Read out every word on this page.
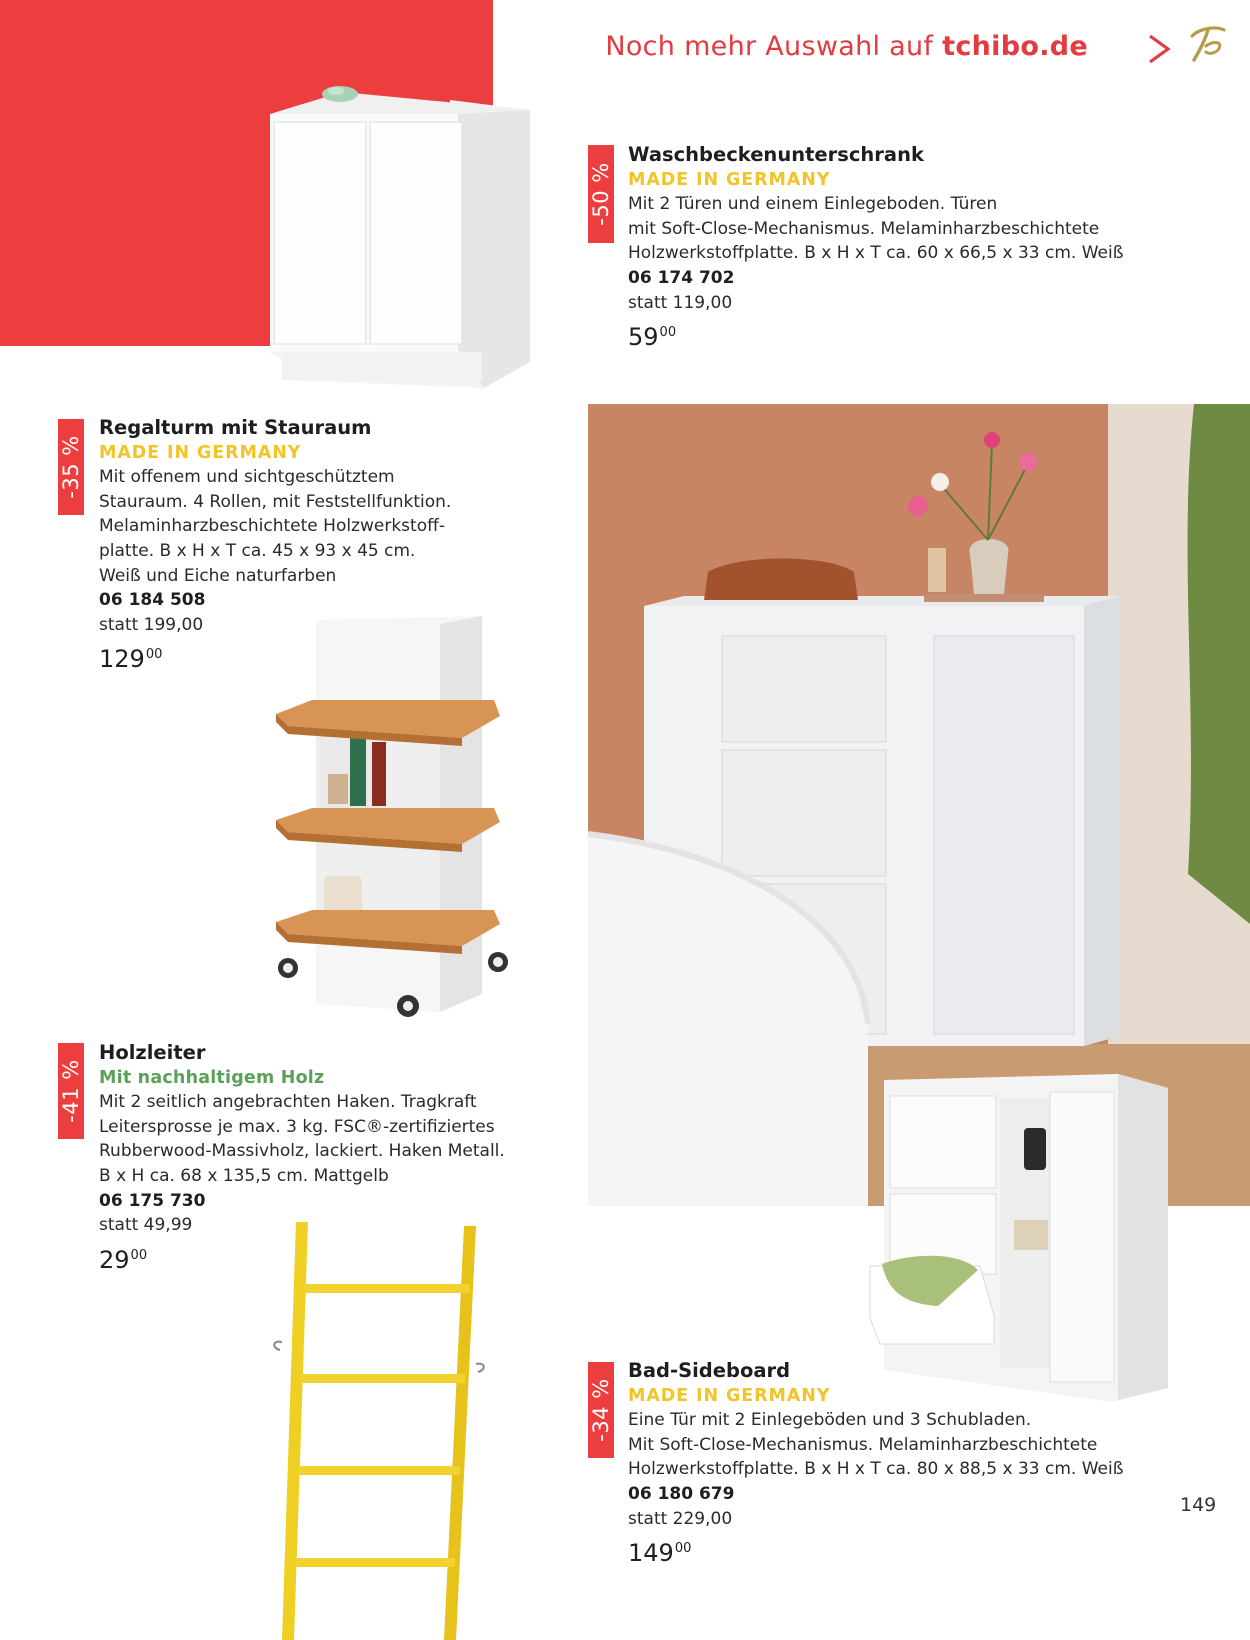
Noch mehr Auswahl auf tchibo.de
-50 %
Waschbeckenunterschrank
MADE IN GERMANY
Mit 2 Türen und einem Einlegeboden. Türen
mit Soft-Close-Mechanismus. Melaminharzbeschichtete
Holzwerkstoffplatte. B x H x T ca. 60 x 66,5 x 33 cm. Weiß
06 174 702
statt 119,00
$59^{00}$
-35 %
Regalturm mit Stauraum
MADE IN GERMANY
Mit offenem und sichtgeschütztem
Stauraum. 4 Rollen, mit Feststellfunktion.
Melaminharzbeschichtete Holzwerkstoff-
platte. B x H x T ca. 45 x 93 x 45 cm.
Weiß und Eiche naturfarben
06 184 508
statt 199,00
$129^{00}$
-41 %
Holzleiter
Mit nachhaltigem Holz
Mit 2 seitlich angebrachten Haken. Tragkraft
Leitersprosse je max. 3 kg. FSC®-zertifiziertes
Rubberwood-Massivholz, lackiert. Haken Metall.
B x H ca. 68 x 135,5 cm. Mattgelb
06 175 730
statt 49,99
$29^{00}$
-34 %
Bad-Sideboard
MADE IN GERMANY
Eine Tür mit 2 Einlegeböden und 3 Schubladen.
Mit Soft-Close-Mechanismus. Melaminharzbeschichtete
Holzwerkstoffplatte. B x H x T ca. 80 x 88,5 x 33 cm. Weiß
06 180 679
statt 229,00
$149^{00}$
149
